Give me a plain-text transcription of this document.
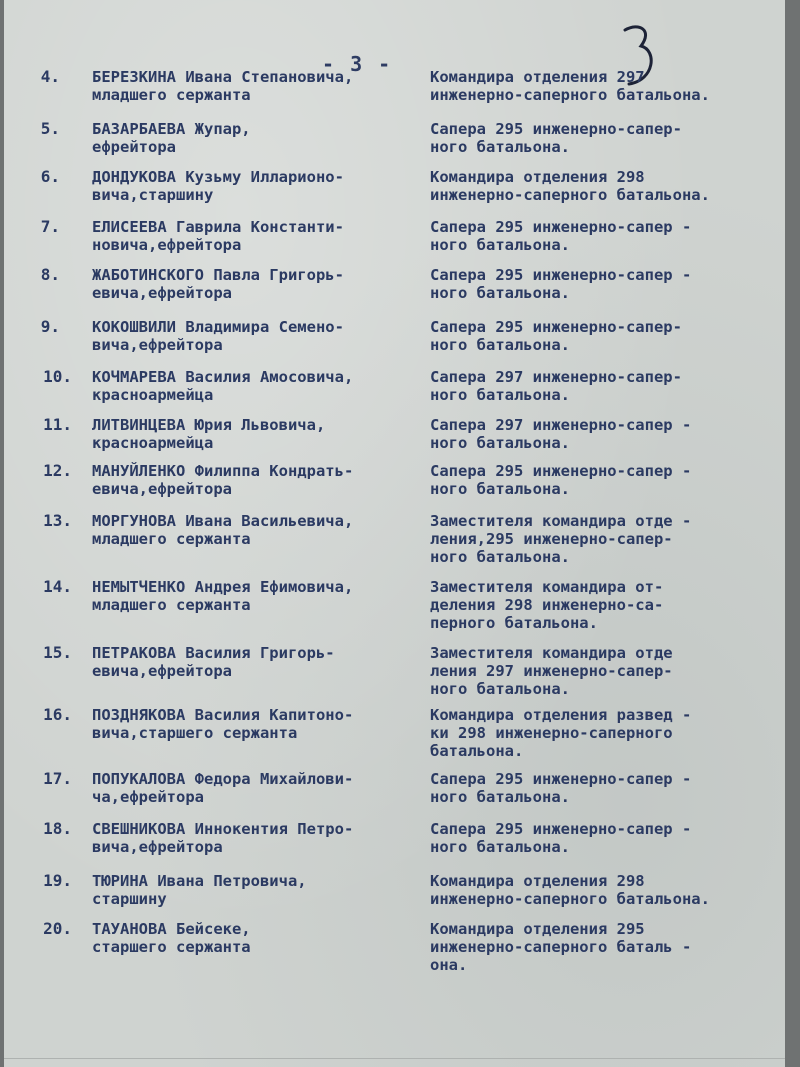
- 3 -
4. БЕРЕЗКИНА Ивана Степановича,
младшего сержанта
Командира отделения 297
инженерно-саперного батальона.
5. БАЗАРБАЕВА Жупар,
ефрейтора
Сапера 295 инженерно-сапер-
ного батальона.
6. ДОНДУКОВА Кузьму Илларионо-
вича,старшину
Командира отделения 298
инженерно-саперного батальона.
7. ЕЛИСЕЕВА Гаврила Константи-
новича,ефрейтора
Сапера 295 инженерно-сапер -
ного батальона.
8. ЖАБОТИНСКОГО Павла Григорь-
евича,ефрейтора
Сапера 295 инженерно-сапер -
ного батальона.
9. КОКОШВИЛИ Владимира Семено-
вича,ефрейтора
Сапера 295 инженерно-сапер-
ного батальона.
10. КОЧМАРЕВА Василия Амосовича,
красноармейца
Сапера 297 инженерно-сапер-
ного батальона.
11. ЛИТВИНЦЕВА Юрия Львовича,
красноармейца
Сапера 297 инженерно-сапер -
ного батальона.
12. МАНУЙЛЕНКО Филиппа Кондрать-
евича,ефрейтора
Сапера 295 инженерно-сапер -
ного батальона.
13. МОРГУНОВА Ивана Васильевича,
младшего сержанта
Заместителя командира отде -
ления,295 инженерно-сапер-
ного батальона.
14. НЕМЫТЧЕНКО Андрея Ефимовича,
младшего сержанта
Заместителя командира от-
деления 298 инженерно-са-
перного батальона.
15. ПЕТРАКОВА Василия Григорь-
евича,ефрейтора
Заместителя командира отде
ления 297 инженерно-сапер-
ного батальона.
16. ПОЗДНЯКОВА Василия Капитоно-
вича,старшего сержанта
Командира отделения развед -
ки 298 инженерно-саперного
батальона.
17. ПОПУКАЛОВА Федора Михайлови-
ча,ефрейтора
Сапера 295 инженерно-сапер -
ного батальона.
18. СВЕШНИКОВА Иннокентия Петро-
вича,ефрейтора
Сапера 295 инженерно-сапер -
ного батальона.
19. ТЮРИНА Ивана Петровича,
старшину
Командира отделения 298
инженерно-саперного батальона.
20. ТАУАНОВА Бейсеке,
старшего сержанта
Командира отделения 295
инженерно-саперного баталь -
она.
